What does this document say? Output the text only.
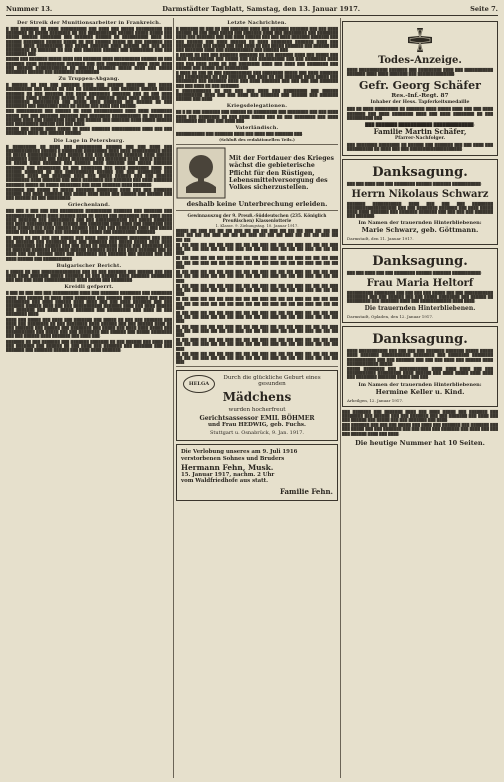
Nummer 13.	Darmstädter Tagblatt, Samstag, den 13. Januar 1917.	Seite 7.
Der Streik der Munitionsarbeiter in Frankreich.

█ ███ ███████ ██ ████ ██████████ ███ ████ ███ █████ ██████████ ███ ████████ ██ █████ ████████ ██ ███ ███████████ ██████ █████ █████ ███ █████ ██████ ████████ ███ ███████ ██████ ██ ██████████ ████ ███ ██████ ████████ ██████ █████ ██ ███ ██████ █████ ██ ███ ███████ ███ ██████ ████ ██████████ ███ █████ ███████ ████ ██████ ███ ███ ████ █████████ ██ ███████ ██ ███ ███ ███████ ██████ ███ █████████ ███ ███ ████████ ███.

█████ ███ ███████ █████ ████ ███ ███████ ████ ██████████ ██████ ██ ███ ███████ ████ ██████████ ███████ ███ ███ ███████████ ████ ████ ████ ███ ██████ ████████████ ██ ██████ ███████ █████ ████ ███ █████ ████████ ██████ ███ ████████ █████████.

Zu Truppen-Abgang.

█ ██████ ██ ███ ███ ███████ ████ ███ ██████ ███████ ███ █████ ██████████ ███ █████ ██ ███ ██ ██████████ ███ ███████ ██████ █████ ███████ ██ ███ ███████ ███ ████ ████████ ███████ ███ ██ ███ ████ ███████ ████ ████████ █████ ███ ███ ███████ ████ ████ ███████ ████ █████████ ██████████ ███ █████ ████ ███████ ███ ██████ ██ ███ ████████ ███ ████████ ████ ██ █████ ███ ████ ███ ██████.

███ ██████████ ███ ██████ ██ ████ ███████████ ████ ████ ████████ █████ ███ ███ ███████ ███████ ███ ████████ ███████████ ██ █████ ███ ██████ ████ ███ ████████ ████ ███ ██████ ███ ███████ ████ █████ ██████ ███ █████████ ██████ ███ ███ ████.

█████ ███ █████ ████ █████ ██ ████ ███████ ███████████ ████ ███ ███ ████████ ████ ███ ██████ ██████.

Die Lage in Petersburg.

█ █████████ ██ ████ ███ ██████████ ██████ ███ ███ ████ ███ █████████████ ██████ █ ████████ █████████ ████ ████ ███████████ ████ ██ █████ ███████████ ███ ██████ ███ ███ ███████ ███████ ████ ██████ ████████ ███████ ███ █████ █████████ ███ ████████ ████ █████ ███████ ██ █████ ████ ███████ ███ ██████ ████ ███████ ███ █████ ███████ ███████ ███ █████████ ██ ███ ████████ ███ ████ ████████ ████ ███ ██████ ███████ ██ ███ ███████████ ██████ ███ ███ █████████ ███ ███████ ████ ███ ███████ ████ ███ █████ ██████ ███ ███ ██████ █████████ ████ ███████ ███ ████ ████████ ███ ███████ ███ ████ ███████ ███████ █████ ██ █████ ████████ ███ ████ ███████ ████ ███████.

███████ ███ █████ ██ █████ ███████ ████████ ████ ███ ███ ███████ ██████ ███ ████ ███████ ███ █████ ████ ████ ███ ██████ ███ ██████ ███ ███ ██████ ██ ███ █████████.

Griechenland.

███ ███ █ ███ ███ ███ █████████ ██████████ ███████ ███ ███████ ███ ███████████ ████ ████ ██████ ████ ██ █████ ███ ████████ ███ ████ ████ ████ ███████ ███ ██████████ ███ ███ ████████████ ███ █████ ███████ ███ ████ ██████████ ███ ██████ ███ ████████ ████ ████ ███ ████████ ███ ████ ██████ ███ ████ ██████ ██████ ███ ███ ███ ████████ ████ ███ █████ █████ ███ ██████ ███ ███ ██████ ███ █████ ███ █████████ ███████.

██ ████ ██ ███ ███ ███ █████ ███ ████ ████ ███████ ████████ ███ ████ ███ ███████ ███ ████████ ███ ███ ███████ ███ █████ █████ ████ ████ ███████████ ███ ██████ ███ ███ ████ ██ ███████ █████ ███ ████████ ███ ██ ███████ ███████ ███████ ██████ ███████ ████ ███ ████ ███████ ███ ██ ████ ███ ███ ██████ ████ ███ ████████ ███ ███████ ███ ██████ ███ ███ ████ ██████ ███ ███████████.

Bulgarischer Bericht.

█ █████ ██ ███ ███████████████ ███ ██ ███ ███████ ███ ██████ ███ ███ ████ ████ ███████ █████ ███████ ██ ███ ██████ ████ ███████ ████████ ███ ███ ███ ████ ████████████ ████ █████ ███ ████████.

Kreidli gefperrt.

█ ███ ██ ███ ███ ███ ██████████ ████ ███ ███████ ████████ ███ ████████ ████ ███ ██████ ██ ████ ████ ████████ ███ ██████ ███ ██████ ███ █████ █████████ ███ ████ ██████ ████ ████ ███ ███ ████ ███████ ███ ███ ███████ ██████ ████ ███ ███ ███████████ ███████ ████ ███ ████ ██████ ███ ███████ ███ ████ █████ ███████ ███ █████████ ███ ████ ██ ███ ████████ ████.

████ ███ █████ ███ ████ ███ ███████ ███ █████ ██ ███ ███ ███████ ███ ████ ███ ████████ ██ ███ ████████ ████ ██████ ███ ███ ██████ ████ ██ ███ ███████ ███ ██████ ███ ████████ ███ █████ ███ ████ ████ █████ ███ ███████████ ███ █████ ███ ███ ████████ ███ ██████ ███ █████ ████████ ███ ███ ██████ ████ ███████ ███ ████ ███.

███████ ██ ███ ███████ ███ ███████ ███████ ██ ███ ██████ ███ ████ ███ ███ ███████ ███ ██████ ██ ███ ████ ███ ███████ ███ ███████ ███ ███ ███████ ███ ███████ ██████ ███ ████ ████ ███████.

Letzte Nachrichten.

█ ███████ ██ ███ ██ ███ ███████ ████ ███ ███████ ███████ ███ ███ ████ ██████ ██ ███ ████ █████ ███ ███████ ████ ███ █████████ ███ ████████ ████ ███ ███████ ███ ███ ████ ██████ ███ ███ ████ ███████ ███████ ███ ███ ██████ ███ ████ ██████ ██ ████ ████████ ███████ ████ ███ ██████████ ███ █████ ███ ███ ████ ██ ███ █████ ███████ ███ ██████ ███ ███ ███████ ████ ███ ███████████ ███ ██████ ███.

█ █████ ██ ███ ███ ███████ ███████ ██ ███ ███████ ████ ███ █████ ███ ████ ██████████ ███ █████ ███ ███ ██████████ ███ ███ ████████ ████ ███ ███ ████ ████ ██ ███ ████████ ████ ███ ████ ███ ████████ ███ ██████ ███ █████ ███ █████████.

█ ████ ██ ███ ██ ███ ███████████ ███ ████████ █████ ███ ████ ███████ ███ ██████████ ██ ███ ███████ ███ ████ ██ ███ ███████ ████ █████ ███ ████████ ███ ███████ ████ ███ ████ ███████ ███ ███ ███ ███ ███████ ███ ███ ████ ██ ███ ███████.

█ ███████████ ██ ███ ███ ███ ████ ███ █████████ ███ ██████ ██████████ ████ ███ ███ ████ ███ ███████ ███ ██████ ███ ███████ ██████ ███ ████.

Kriegsdelegationen.

██ █ ██ ███ ███████ ███ ██████ ██ █████████ ███ ████████ ███ ███ ████ ████ ███ ████████ ██ ███ ████ █████ ███ ██ ███ ████████ ███ ████ ████████ ███ ███ ███ ████ ███.

Vaterländisch.

███████████ ███ ███████ ████ ███ ████ ███ ███████ ███.

(Schluß des redaktionellen Teils.)
Mit der Fortdauer des Krieges wächst die gebieterische Pflicht für den Rüstigen, Lebensmittelversorgung des Volkes sicherzustellen.
deshalb keine Unterbrechung erleiden.
Gewinnauszug der 9. Preuß.-Süddeutschen (235. Königlich Preußischen) Klassenlotterie
1. Klasse. 9. Ziehungstag. 10. Januar 1917.

██████ ███ ████ ███ ███ ███ ████ ███ ███ ███ ████ ███ ███ ███ ████ ███ ███ ███ ████ ███ ███ ███ ████ ███ ███ ███ ████ ███ ███ ███ ████ ███ ███ ███ ████ ███ ███ ███

██ ███ ████ ███ ███ ███ ████ ███ ███ ███ ████ ███ ███ ███ ████ ███ ███ ███ ████ ███ ███ ███ ████ ███ ███ ███ ████ ███ ███ ███ ████ ███ ███ ███ ████ ███ ███ ███ ████

██ ███ ████ ███ ███ ███ ████ ███ ███ ███ ████ ███ ███ ███ ████ ███ ███ ███ ████ ███ ███ ███ ████ ███ ███ ███ ████ ███ ███ ███ ████ ███ ███ ███ ████ ███ ███ ███ ████

██ ███ ████ ███ ███ ███ ████ ███ ███ ███ ████ ███ ███ ███ ████ ███ ███ ███ ████ ███ ███ ███ ████ ███ ███ ███ ████ ███ ███ ███ ████ ███ ███ ███ ████ ███ ███ ███ ████

██ ███ ████ ███ ███ ███ ████ ███ ███ ███ ████ ███ ███ ███ ████ ███ ███ ███ ████ ███ ███ ███ ████ ███ ███ ███ ████ ███ ███ ███ ████ ███ ███ ███ ████ ███ ███ ███ ████

██ ███ ████ ███ ███ ███ ████ ███ ███ ███ ████ ███ ███ ███ ████ ███ ███ ███ ████ ███ ███ ███ ████ ███ ███ ███ ████ ███ ███ ███ ████ ███ ███ ███ ████ ███ ███ ███ ████

██ ███ ████ ███ ███ ███ ████ ███ ███ ███ ████ ███ ███ ███ ████ ███ ███ ███ ████ ███ ███ ███ ████ ███ ███ ███ ████ ███ ███ ███ ████ ███ ███ ███ ████ ███ ███ ███ ████

██ ███ ████ ███ ███ ███ ████ ███ ███ ███ ████ ███ ███ ███ ████ ███ ███ ███ ████ ███ ███ ███ ████ ███ ███ ███ ████ ███ ███ ███ ████ ███ ███ ███ ████ ███ ███ ███ ████

██ ███ ████ ███ ███ ███ ████ ███ ███ ███ ████ ███ ███ ███ ████ ███ ███ ███ ████ ███ ███ ███ ████ ███ ███ ███ ████ ███ ███ ███ ████ ███ ███ ███ ████ ███ ███ ███ ████

██ ███ ████ ███ ███ ███ ████ ███ ███ ███ ████ ███ ███ ███ ████ ███ ███ ███ ████ ███ ███ ███ ████ ███ ███ ███ ████ ███ ███ ███ ████ ███ ███ ███ ████ ███ ███ ███ ████

HELGA
Durch die glückliche Geburt eines gesunden
Mädchens
wurden hocherfreut
Gerichtsassessor EMIL BÖHMER
und Frau HEDWIG, geb. Fuchs.
Stuttgart u. Osnabrück, 9. Jan. 1917.
Die Verlobung unseres am 9. Juli 1916 verstorbenen Sohnes und Bruders
Hermann Fehn, Musk.
15. Januar 1917, nachm. 2 Uhr
vom Waldfriedhofe aus statt.
Familie Fehn.
Todes-Anzeige.

████ ███████████ ███████ ███ █████████ ████ ███ ███████████ ███████ ████ ████ ███████ ███ ██████████████.

Gefr. Georg Schäfer
Res.-Inf.-Regt. 87
Inhaber der Hess. Tapferkeitsmedaille

███ ██ ████ █████████ ██ ███████ ████ █████ ████ ███ ███ ████ ███████ ███ ████ ████████ ████ ███ ████ ████████ ██ ███ ██████████ ███.

███ ███████ ███████████ █████████████:
Familie Martin Schäfer,
Pfarrer-Nachfolger.

███ ████████ ████████ ██ ██████ ███ ███████ ███ ███ ████ ███ ██████████ ██ ████ ███ ███ ████████████████████.

Danksagung.

███ ███ ████ ███ ███ ████████ ██████ ███████ ███████████:

Herrn Nikolaus Schwarz

███████ ███████████ ████ ███ ███ ███ ████████ ███████████████████ ███ ███ ████████ ███████ ███ ████ █████ ████ ████ ███████ ███ ███████ ███████ ███ ███ ███ ███ ███████ ███ ███████.

Im Namen der trauernden Hinterbliebenen:
Marie Schwarz, geb. Göttmann.
Darmstadt, den 11. Januar 1917.
Danksagung.

███ ███ ████ ███ ███ ████████ ██████ ███████ ███████████:

Frau Maria Heltorf

██████████ ████████ ███ ███ ███ ███ █████ ███ ███ ███████████ ████████ ███ ███ ██████ ███ ███ █████ ████████ ███ ██████ ██ █████████ ███ ███████ ████ ███ ████████████ ████ ████.

Die trauernden Hinterbliebenen.
Darmstadt, Opladen, den 12. Januar 1917.
Danksagung.

████ ███████████ ███ ███ ███ ███ ███████ ███████ █████ █████ ████ ███████ ███████████ ████████ ███ ████████ ████████ ███████████ ███ ███ ███████ ███ ███ ███ ████ ███ ██████ ████ ████████████ █████.

█████ ████████ ███ ███████████ ████ ████ ████ ███ ███ ███████████ █████████ ████ ██████ ███ ████ █████ ████ ████ ███ ████████ ███████ █████ ███ ███.

Im Namen der trauernden Hinterbliebenen:
Hermine Keller u. Kind.
Arheilgen, 12. Januar 1917.

███ ███████ ███ ███████ ████ ███ ████ █████ ███ ███████ ███ ████████ ███ ██████ ███ ███ ███████ ███ ███ ███████ ███ ████ ███ ███ ██████ ███ █████ ███ ███ ███████ ███ ████.

███ ███████ ███ ███ ███ █████ ███ ████ ███ ███████ ███ ███████ ███ ███ █████ ███ ███ ███████ ███ ███ ████ ███ ███████ ███ ████ ███ ███ ███ ██████ ████ ███ ████.

Die heutige Nummer hat 10 Seiten.
